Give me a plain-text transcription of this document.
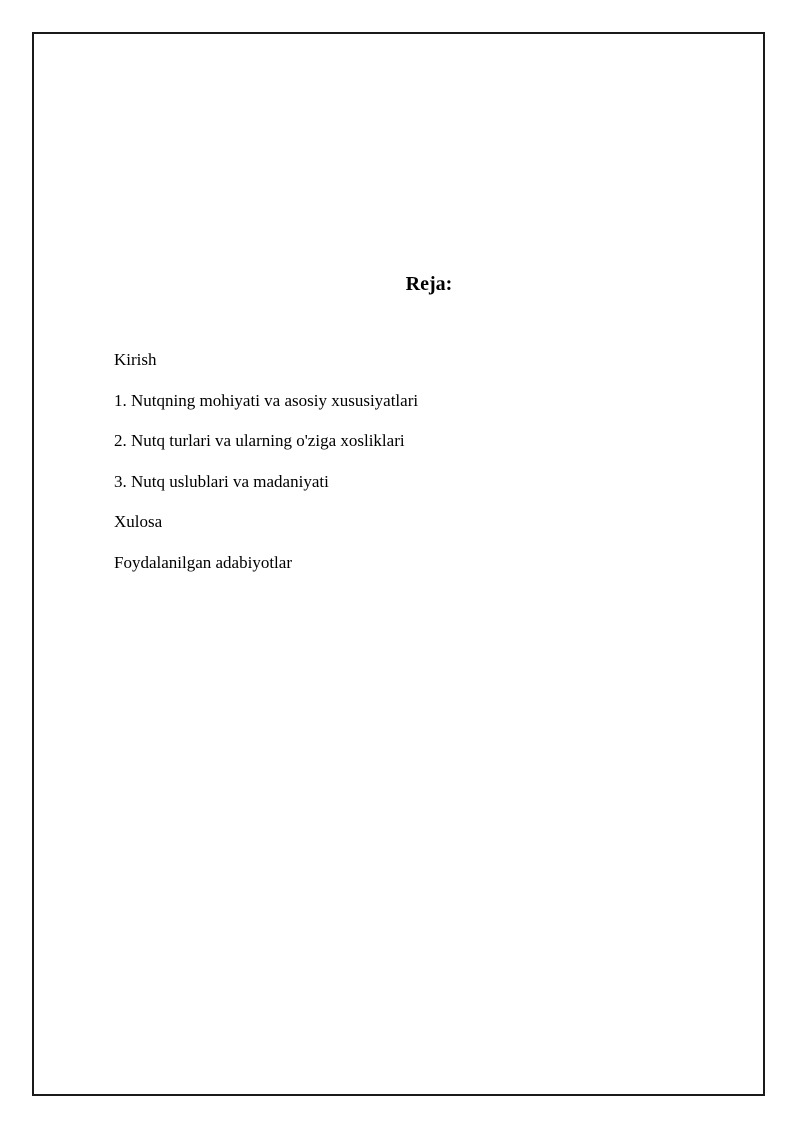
Reja:
Kirish
1. Nutqning mohiyati va asosiy xususiyatlari
2. Nutq turlari va ularning o'ziga xosliklari
3. Nutq uslublari va madaniyati
Xulosa
Foydalanilgan adabiyotlar
